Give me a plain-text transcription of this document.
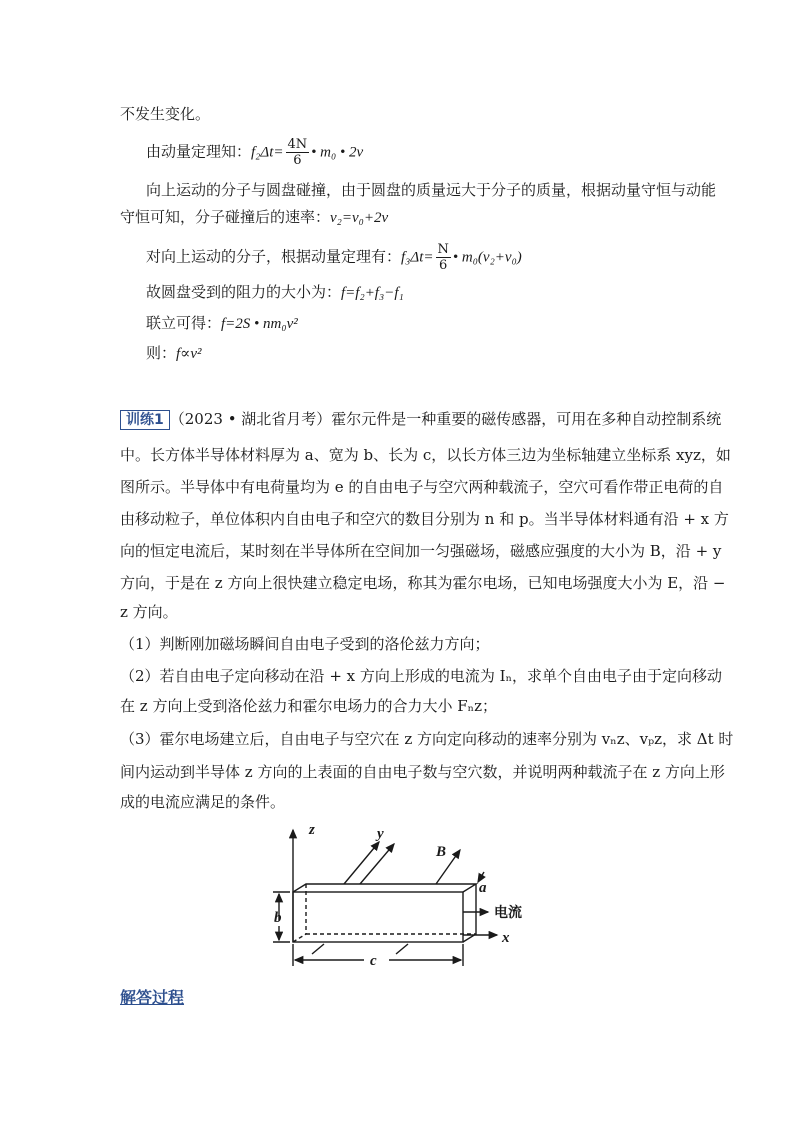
不发生变化。
由动量定理知：$f_2\Delta t= \frac{4N}{6}$ • m₀ • 2v
向上运动的分子与圆盘碰撞，由于圆盘的质量远大于分子的质量，根据动量守恒与动能
守恒可知，分子碰撞后的速率：v₂=v₀+2v
对向上运动的分子，根据动量定理有：$f_3\Delta t= \frac{N}{6}$ • m₀(v₂+v₀)
故圆盘受到的阻力的大小为：f=f₂+f₃−f₁
联立可得：f=2S • nm₀v²
则：f∝v²
训练1 （2023 • 湖北省月考）霍尔元件是一种重要的磁传感器，可用在多种自动控制系统
中。长方体半导体材料厚为 a、宽为 b、长为 c，以长方体三边为坐标轴建立坐标系 xyz，如
图所示。半导体中有电荷量均为 e 的自由电子与空穴两种载流子，空穴可看作带正电荷的自
由移动粒子，单位体积内自由电子和空穴的数目分别为 n 和 p。当半导体材料通有沿 + x 方
向的恒定电流后，某时刻在半导体所在空间加一匀强磁场，磁感应强度的大小为 B，沿 + y
方向，于是在 z 方向上很快建立稳定电场，称其为霍尔电场，已知电场强度大小为 E，沿 −
z 方向。
（1）判断刚加磁场瞬间自由电子受到的洛伦兹力方向；
（2）若自由电子定向移动在沿 + x 方向上形成的电流为 Iₙ，求单个自由电子由于定向移动
在 z 方向上受到洛伦兹力和霍尔电场力的合力大小 Fₙz；
（3）霍尔电场建立后，自由电子与空穴在 z 方向定向移动的速率分别为 vₙz、vₚz，求 Δt 时
间内运动到半导体 z 方向的上表面的自由电子数与空穴数，并说明两种载流子在 z 方向上形
成的电流应满足的条件。
z	y
B
a
b
x
c
电流
解答过程
